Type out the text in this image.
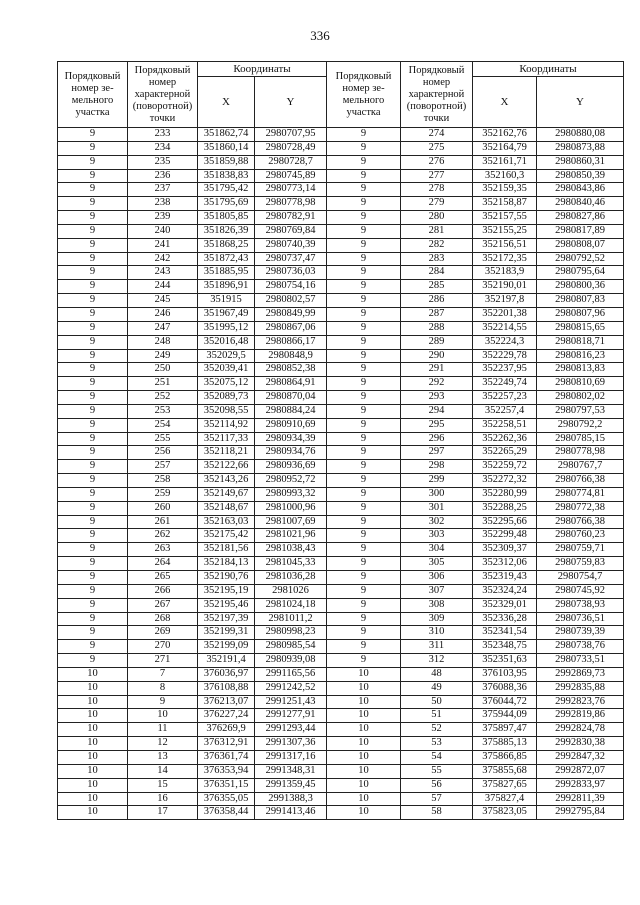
336
Порядковый номер зе-мельного участка	Порядковый номер характерной (поворотной) точки	Координаты		Порядковый номер зе-мельного участка	Порядковый номер характерной (поворотной) точки	Координаты	
		X	Y			X	Y
9	233	351862,74	2980707,95	9	274	352162,76	2980880,08
9	234	351860,14	2980728,49	9	275	352164,79	2980873,88
9	235	351859,88	2980728,7	9	276	352161,71	2980860,31
9	236	351838,83	2980745,89	9	277	352160,3	2980850,39
9	237	351795,42	2980773,14	9	278	352159,35	2980843,86
9	238	351795,69	2980778,98	9	279	352158,87	2980840,46
9	239	351805,85	2980782,91	9	280	352157,55	2980827,86
9	240	351826,39	2980769,84	9	281	352155,25	2980817,89
9	241	351868,25	2980740,39	9	282	352156,51	2980808,07
9	242	351872,43	2980737,47	9	283	352172,35	2980792,52
9	243	351885,95	2980736,03	9	284	352183,9	2980795,64
9	244	351896,91	2980754,16	9	285	352190,01	2980800,36
9	245	351915	2980802,57	9	286	352197,8	2980807,83
9	246	351967,49	2980849,99	9	287	352201,38	2980807,96
9	247	351995,12	2980867,06	9	288	352214,55	2980815,65
9	248	352016,48	2980866,17	9	289	352224,3	2980818,71
9	249	352029,5	2980848,9	9	290	352229,78	2980816,23
9	250	352039,41	2980852,38	9	291	352237,95	2980813,83
9	251	352075,12	2980864,91	9	292	352249,74	2980810,69
9	252	352089,73	2980870,04	9	293	352257,23	2980802,02
9	253	352098,55	2980884,24	9	294	352257,4	2980797,53
9	254	352114,92	2980910,69	9	295	352258,51	2980792,2
9	255	352117,33	2980934,39	9	296	352262,36	2980785,15
9	256	352118,21	2980934,76	9	297	352265,29	2980778,98
9	257	352122,66	2980936,69	9	298	352259,72	2980767,7
9	258	352143,26	2980952,72	9	299	352272,32	2980766,38
9	259	352149,67	2980993,32	9	300	352280,99	2980774,81
9	260	352148,67	2981000,96	9	301	352288,25	2980772,38
9	261	352163,03	2981007,69	9	302	352295,66	2980766,38
9	262	352175,42	2981021,96	9	303	352299,48	2980760,23
9	263	352181,56	2981038,43	9	304	352309,37	2980759,71
9	264	352184,13	2981045,33	9	305	352312,06	2980759,83
9	265	352190,76	2981036,28	9	306	352319,43	2980754,7
9	266	352195,19	2981026	9	307	352324,24	2980745,92
9	267	352195,46	2981024,18	9	308	352329,01	2980738,93
9	268	352197,39	2981011,2	9	309	352336,28	2980736,51
9	269	352199,31	2980998,23	9	310	352341,54	2980739,39
9	270	352199,09	2980985,54	9	311	352348,75	2980738,76
9	271	352191,4	2980939,08	9	312	352351,63	2980733,51
10	7	376036,97	2991165,56	10	48	376103,95	2992869,73
10	8	376108,88	2991242,52	10	49	376088,36	2992835,88
10	9	376213,07	2991251,43	10	50	376044,72	2992823,76
10	10	376227,24	2991277,91	10	51	375944,09	2992819,86
10	11	376269,9	2991293,44	10	52	375897,47	2992824,78
10	12	376312,91	2991307,36	10	53	375885,13	2992830,38
10	13	376361,74	2991317,16	10	54	375866,85	2992847,32
10	14	376353,94	2991348,31	10	55	375855,68	2992872,07
10	15	376351,15	2991359,45	10	56	375827,65	2992833,97
10	16	376355,05	2991388,3	10	57	375827,4	2992811,39
10	17	376358,44	2991413,46	10	58	375823,05	2992795,84
